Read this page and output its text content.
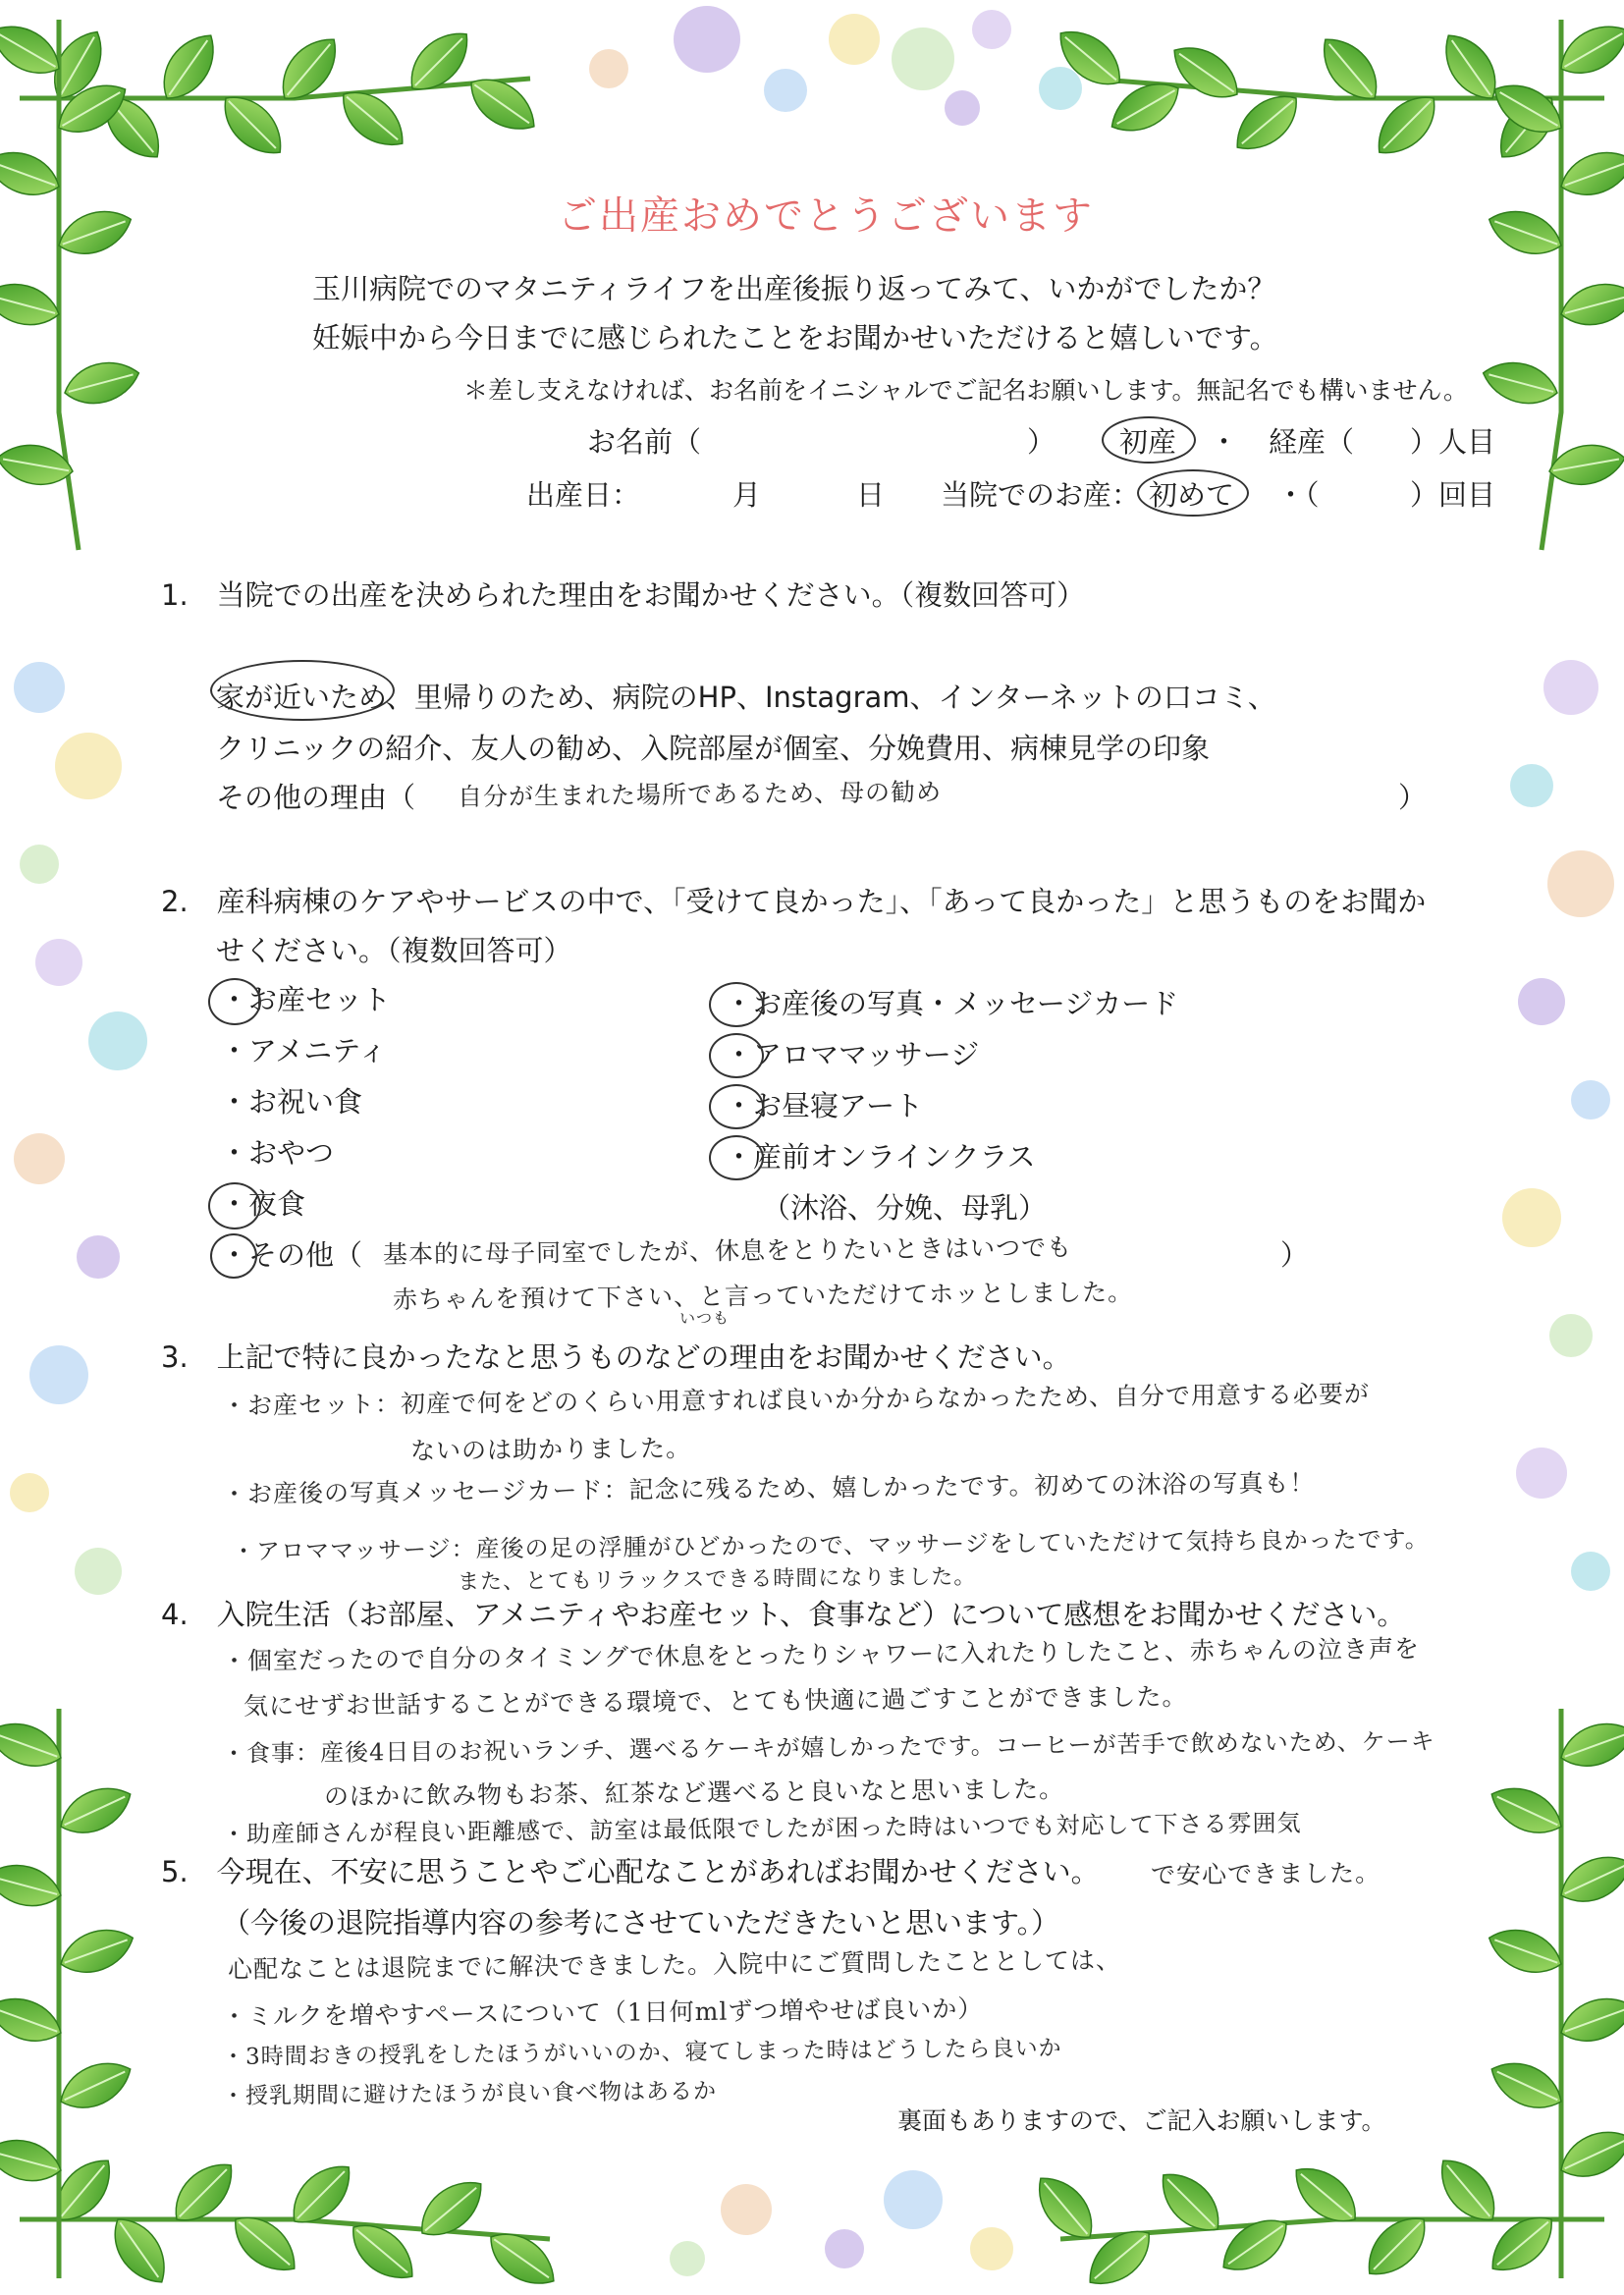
ご出産おめでとうございます
玉川病院でのマタニティライフを出産後振り返ってみて、いかがでしたか？
妊娠中から今日までに感じられたことをお聞かせいただけると嬉しいです。
＊差し支えなければ、お名前をイニシャルでご記名お願いします。無記名でも構いません。
お名前（	） 初産 ・ 経産（ ）人目
出産日：	月	日 当院でのお産： 初めて ・（	）回目
1.　当院での出産を決められた理由をお聞かせください。（複数回答可）
家が近いため、里帰りのため、病院のHP、Instagram、インターネットの口コミ、
クリニックの紹介、友人の勧め、入院部屋が個室、分娩費用、病棟見学の印象
その他の理由（ 自分が生まれた場所であるため、母の勧め	）
2.　産科病棟のケアやサービスの中で、「受けて良かった」、「あって良かった」と思うものをお聞か
せください。（複数回答可）
・お産セット
・アメニティ
・お祝い食
・おやつ
・夜食
・お産後の写真・メッセージカード
・アロママッサージ
・お昼寝アート
・産前オンラインクラス
（沐浴、分娩、母乳）
・その他（ 基本的に母子同室でしたが、休息をとりたいときはいつでも	）
赤ちゃんを預けて下さい、と言っていただけてホッとしました。
いつも
3.　上記で特に良かったなと思うものなどの理由をお聞かせください。
・お産セット：初産で何をどのくらい用意すれば良いか分からなかったため、自分で用意する必要が
ないのは助かりました。
・お産後の写真メッセージカード：記念に残るため、嬉しかったです。初めての沐浴の写真も！
・アロママッサージ：産後の足の浮腫がひどかったので、マッサージをしていただけて気持ち良かったです。
また、とてもリラックスできる時間になりました。
4.　入院生活（お部屋、アメニティやお産セット、食事など）について感想をお聞かせください。
・個室だったので自分のタイミングで休息をとったりシャワーに入れたりしたこと、赤ちゃんの泣き声を
気にせずお世話することができる環境で、とても快適に過ごすことができました。
・食事：産後4日目のお祝いランチ、選べるケーキが嬉しかったです。コーヒーが苦手で飲めないため、ケーキ
のほかに飲み物もお茶、紅茶など選べると良いなと思いました。
・助産師さんが程良い距離感で、訪室は最低限でしたが困った時はいつでも対応して下さる雰囲気
で安心できました。
5.　今現在、不安に思うことやご心配なことがあればお聞かせください。
（今後の退院指導内容の参考にさせていただきたいと思います。）
心配なことは退院までに解決できました。入院中にご質問したこととしては、
・ミルクを増やすペースについて（1日何mlずつ増やせば良いか）
・3時間おきの授乳をしたほうがいいのか、寝てしまった時はどうしたら良いか
・授乳期間に避けたほうが良い食べ物はあるか
裏面もありますので、ご記入お願いします。
